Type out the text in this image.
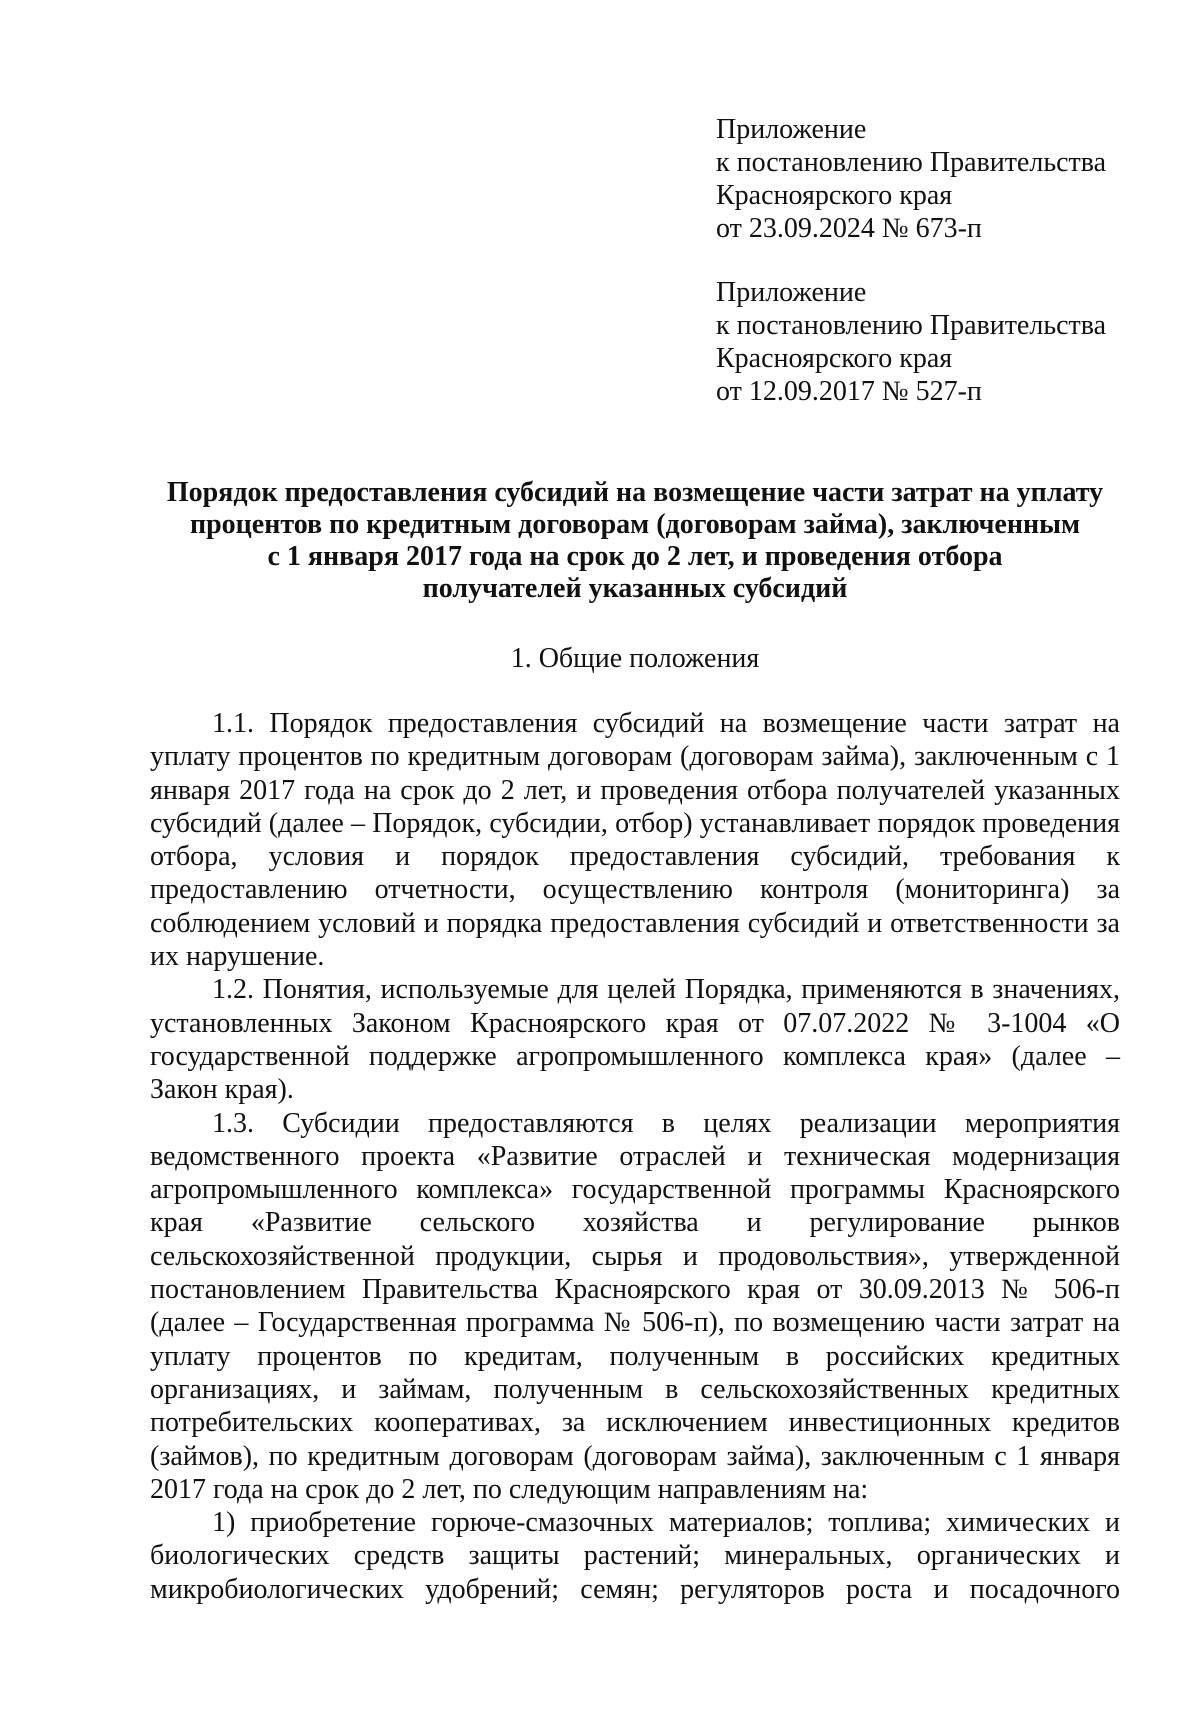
Приложение
к постановлению Правительства
Красноярского края
от 23.09.2024 № 673-п
Приложение
к постановлению Правительства
Красноярского края
от 12.09.2017 № 527-п
Порядок предоставления субсидий на возмещение части затрат на уплату
процентов по кредитным договорам (договорам займа), заключенным
с 1 января 2017 года на срок до 2 лет, и проведения отбора
получателей указанных субсидий
1. Общие положения

1.1. Порядок предоставления субсидий на возмещение части затрат на уплату процентов по кредитным договорам (договорам займа), заключенным с 1 января 2017 года на срок до 2 лет, и проведения отбора получателей указанных субсидий (далее – Порядок, субсидии, отбор) устанавливает порядок проведения отбора, условия и порядок предоставления субсидий, требования к предоставлению отчетности, осуществлению контроля (мониторинга) за соблюдением условий и порядка предоставления субсидий и ответственности за их нарушение.

1.2. Понятия, используемые для целей Порядка, применяются в значениях, установленных Законом Красноярского края от 07.07.2022 № 3-1004 «О государственной поддержке агропромышленного комплекса края» (далее – Закон края).

1.3. Субсидии предоставляются в целях реализации мероприятия ведомственного проекта «Развитие отраслей и техническая модернизация агропромышленного комплекса» государственной программы Красноярского края «Развитие сельского хозяйства и регулирование рынков сельскохозяйственной продукции, сырья и продовольствия», утвержденной постановлением Правительства Красноярского края от 30.09.2013 № 506-п (далее – Государственная программа № 506-п), по возмещению части затрат на уплату процентов по кредитам, полученным в российских кредитных организациях, и займам, полученным в сельскохозяйственных кредитных потребительских кооперативах, за исключением инвестиционных кредитов (займов), по кредитным договорам (договорам займа), заключенным с 1 января 2017 года на срок до 2 лет, по следующим направлениям на:

1) приобретение горюче-смазочных материалов; топлива; химических и биологических средств защиты растений; минеральных, органических и микробиологических удобрений; семян; регуляторов роста и посадочного
